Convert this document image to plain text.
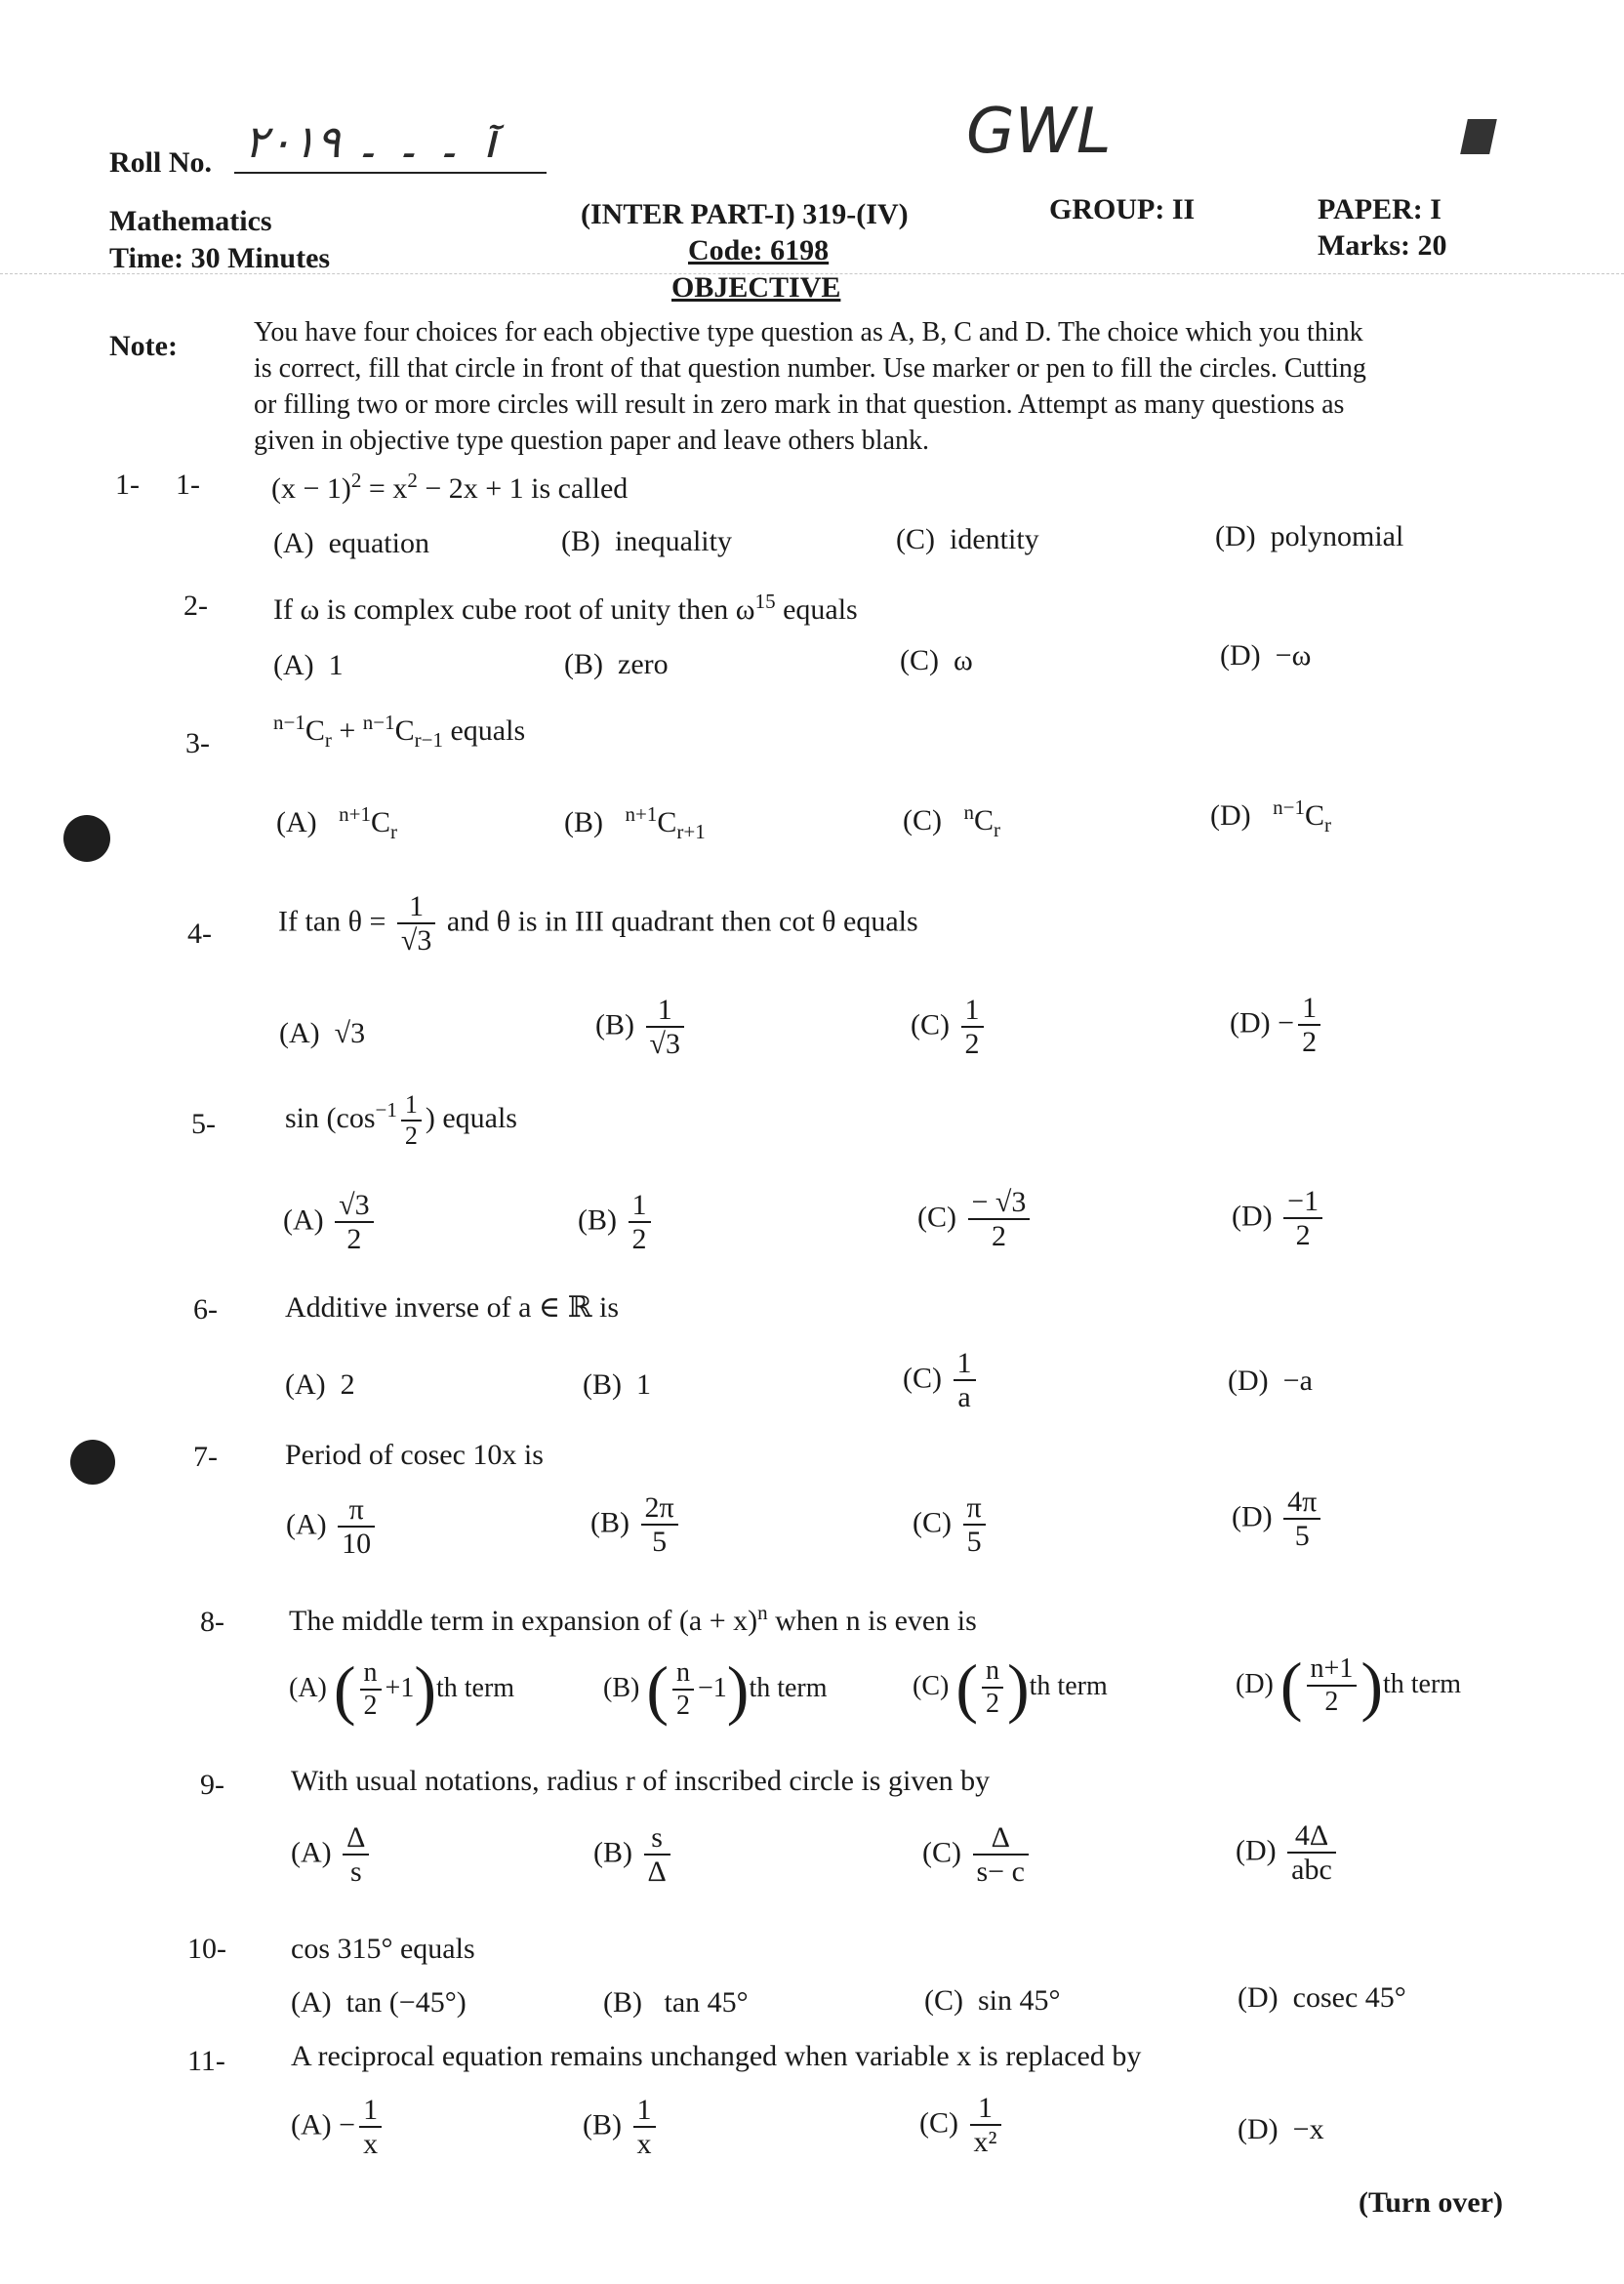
Roll No. آ ۔ ۔ ۔ ۲۰۱۹	GWL
Mathematics
Time: 30 Minutes
(INTER PART-I) 319-(IV)
Code: 6198
OBJECTIVE
GROUP: II	PAPER: I
Marks: 20
Note:	You have four choices for each objective type question as A, B, C and D. The choice which you think
is correct, fill that circle in front of that question number. Use marker or pen to fill the circles. Cutting
or filling two or more circles will result in zero mark in that question. Attempt as many questions as
given in objective type question paper and leave others blank.
1- 1- $(x - 1)^2 = x^2 - 2x + 1$ is called
(A) equation	(B) inequality	(C) identity	(D) polynomial
2- If ω is complex cube root of unity then $\omega^{15}$ equals
(A) 1	(B) zero	(C) ω	(D) −ω
3-
$^{n-1}C_r + ^{n-1}C_{r-1}$ equals
(A) $^{n+1}C_r$	(B) $^{n+1}C_{r+1}$	(C) $^nC_r$	(D) $^{n-1}C_r$
4- If $\tan \theta = \frac{1}{√3}$ and θ is in III quadrant then cot θ equals
(A) √3	$(B) \frac{1}{√3}$	$(C) \frac{1}{2}$	$(D) - \frac{1}{2}$
5- $\sin (\cos^{-1} \frac{1}{2}$ ) equals
$(A) \frac{√3}{2}$	$(B) \frac{1}{2}$	$(C) \frac{- √3}{2}$	$(D) \frac{-1}{2}$
6- Additive inverse of a ∈ ℝ is
(A) 2	(B) 1	$(C) \frac{1}{a}$	(D) −a
7- Period of cosec 10x is
$(A) \frac{\pi}{10}$	$(B) \frac{2\pi}{5}$	$(C) \frac{\pi}{5}$	$(D) \frac{4\pi}{5}$
8- The middle term in expansion of $(a + x)^n$ when n is even is
(A) ( $\frac{n}{2} +1)th$ term	(B) ( $\frac{n}{2} -1)th$ term	(C) ( $\frac{n}{2} )th$ term	(D) ( $\frac{n+1}{2} )th$ term
9- With usual notations, radius r of inscribed circle is given by
$(A) \frac{\Delta}{s}$	$(B) \frac{s}{\Delta}$	$(C) \frac{\Delta}{s- c}$	$(D) \frac{4\Delta}{\text{abc}}$
10- cos 315° equals
(A) tan (−45°)	(B) tan 45°	(C) sin 45°	(D) cosec 45°
11- A reciprocal equation remains unchanged when variable x is replaced by
$(A) - \frac{1}{x}$	$(B) \frac{1}{x}$	$(C) \frac{1}{\text{x²}}$	(D) −x
(Turn over)
